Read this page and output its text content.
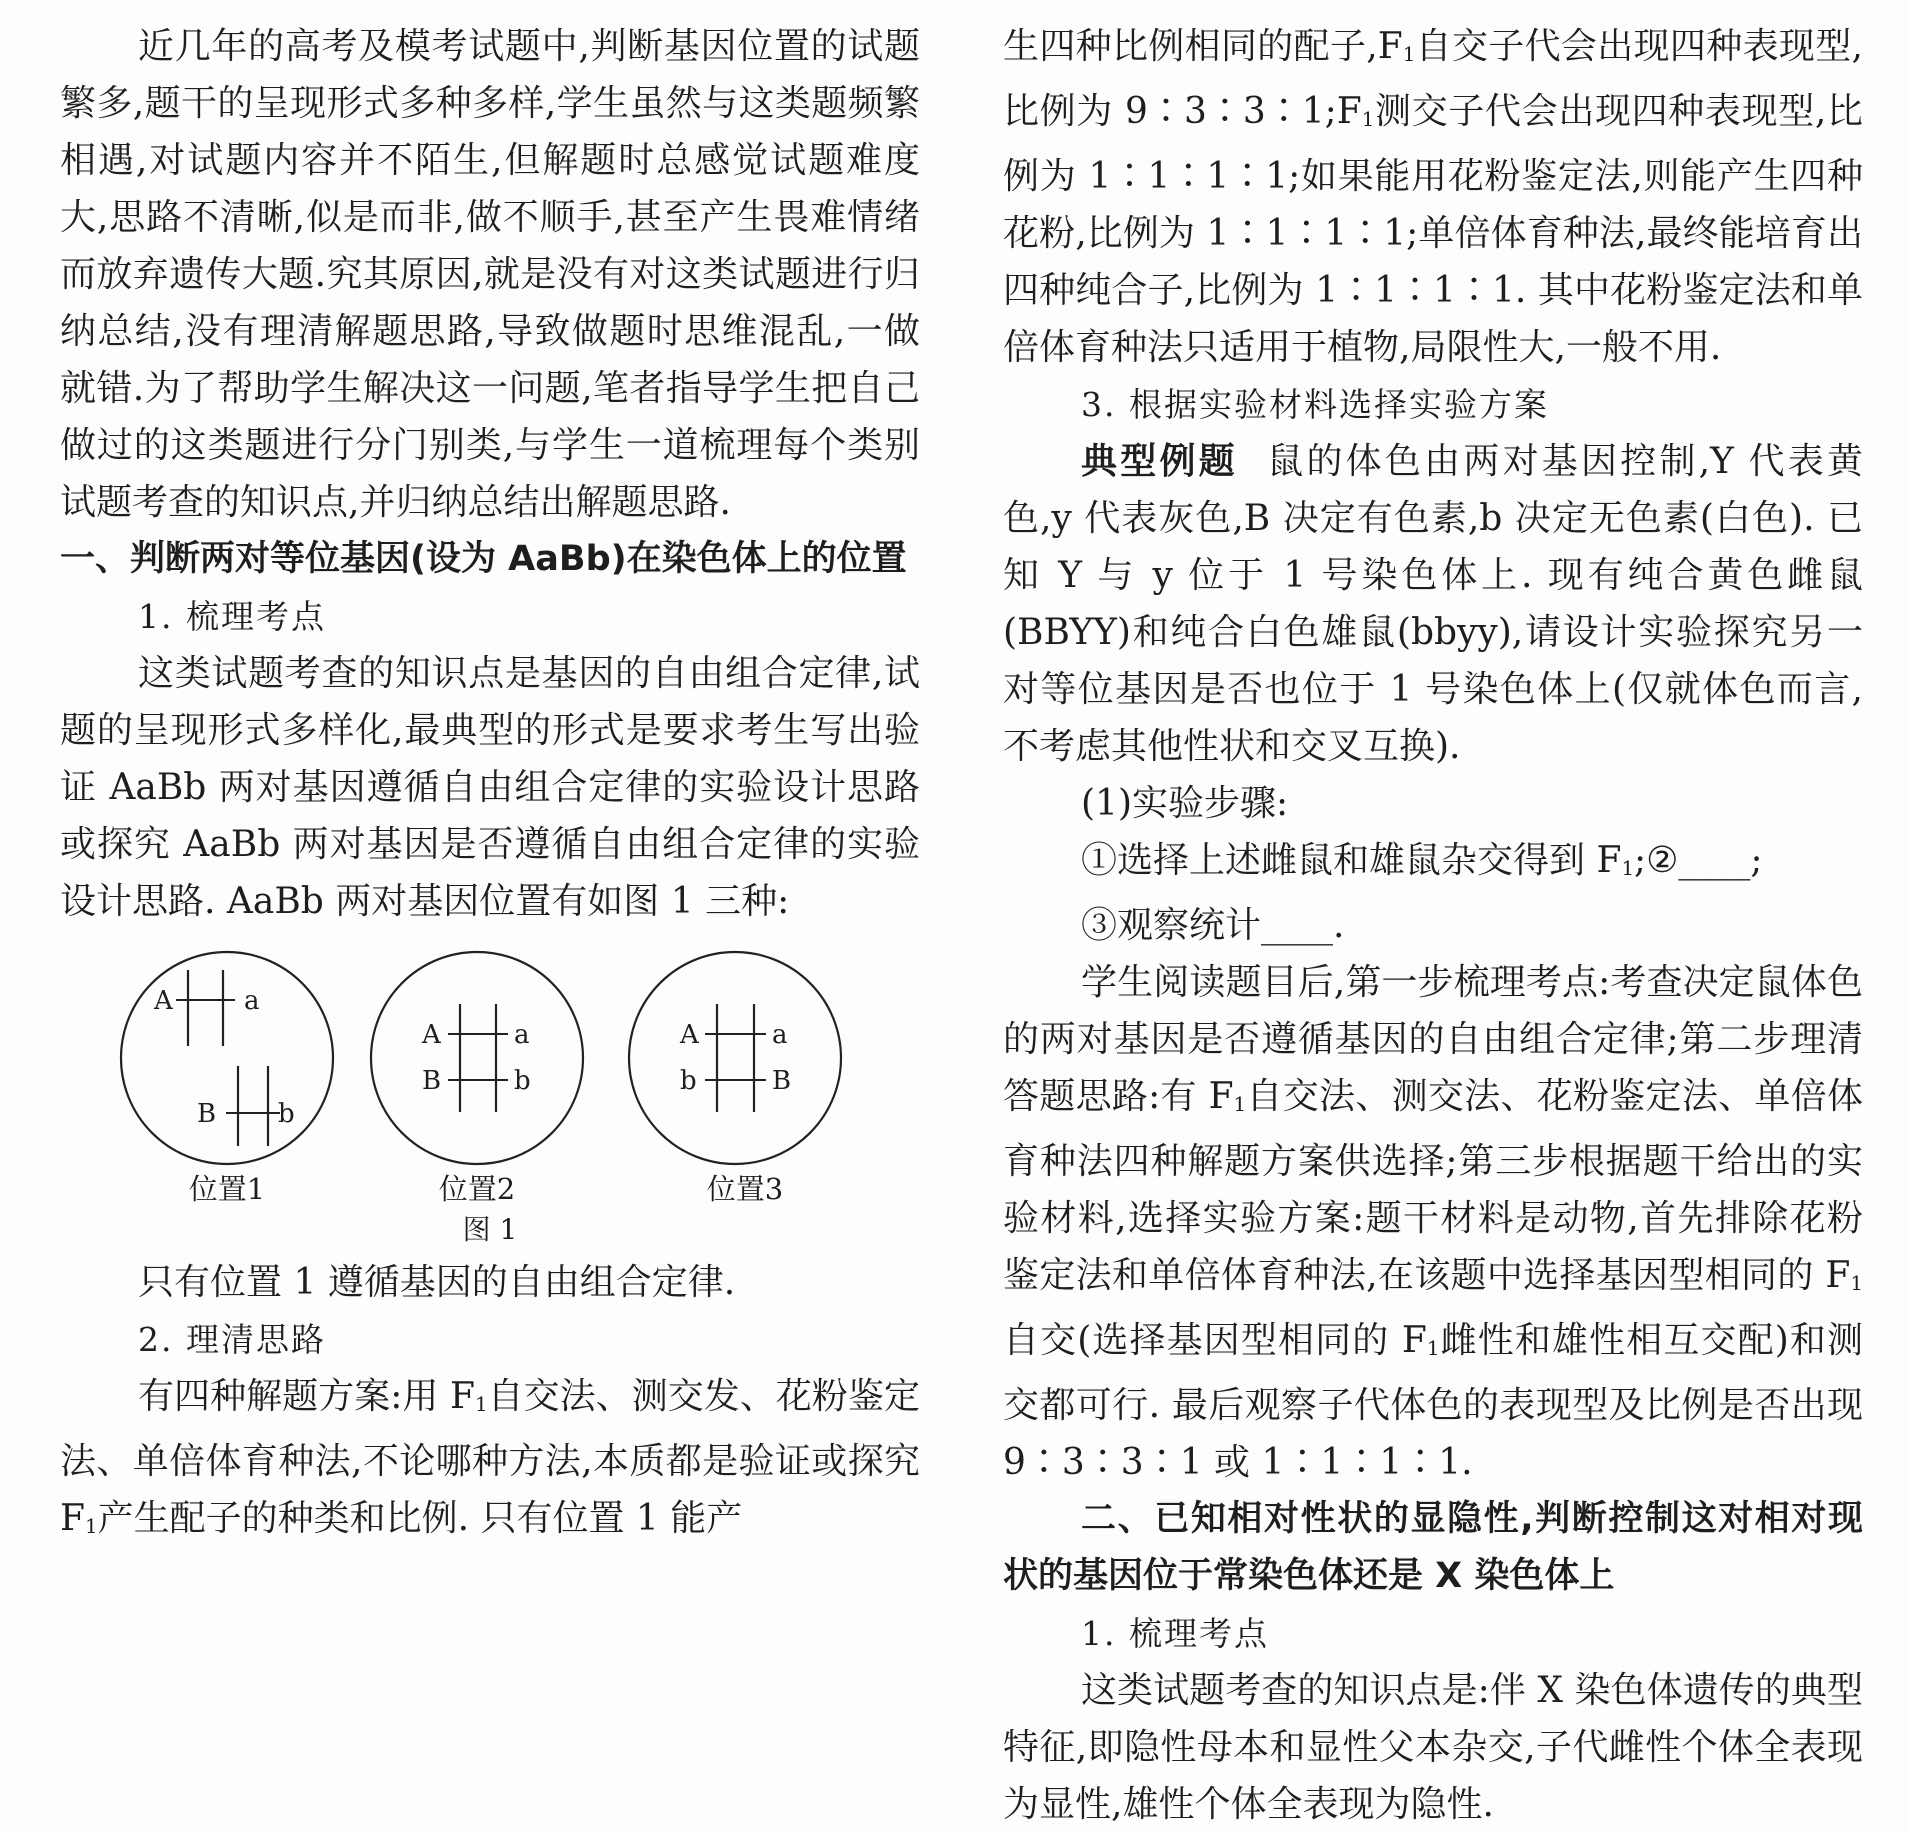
近几年的高考及模考试题中,判断基因位置的试题繁多,题干的呈现形式多种多样,学生虽然与这类题频繁相遇,对试题内容并不陌生,但解题时总感觉试题难度大,思路不清晰,似是而非,做不顺手,甚至产生畏难情绪而放弃遗传大题.究其原因,就是没有对这类试题进行归纳总结,没有理清解题思路,导致做题时思维混乱,一做就错.为了帮助学生解决这一问题,笔者指导学生把自己做过的这类题进行分门别类,与学生一道梳理每个类别试题考查的知识点,并归纳总结出解题思路.

一、判断两对等位基因(设为 AaBb)在染色体上的位置

1. 梳理考点

这类试题考查的知识点是基因的自由组合定律,试题的呈现形式多样化,最典型的形式是要求考生写出验证 AaBb 两对基因遵循自由组合定律的实验设计思路或探究 AaBb 两对基因是否遵循自由组合定律的实验设计思路. AaBb 两对基因位置有如图 1 三种:

A	a
B b
A	a
B	b
A	a
b	B
位置1	位置2	位置3
图 1

只有位置 1 遵循基因的自由组合定律.

2. 理清思路

有四种解题方案:用 $F_1$自交法、测交发、花粉鉴定法、单倍体育种法,不论哪种方法,本质都是验证或探究 $F_1$产生配子的种类和比例. 只有位置 1 能产

生四种比例相同的配子$,F_1$自交子代会出现四种表现型,比例为 $9∶3∶3∶1;F_1$测交子代会出现四种表现型,比例为 1∶1∶1∶1;如果能用花粉鉴定法,则能产生四种花粉,比例为 1∶1∶1∶1;单倍体育种法,最终能培育出四种纯合子,比例为 1∶1∶1∶1. 其中花粉鉴定法和单倍体育种法只适用于植物,局限性大,一般不用.

3. 根据实验材料选择实验方案

典型例题 鼠的体色由两对基因控制,Y 代表黄色,y 代表灰色,B 决定有色素,b 决定无色素(白色). 已知 Y 与 y 位于 1 号染色体上. 现有纯合黄色雌鼠(BBYY)和纯合白色雄鼠(bbyy),请设计实验探究另一对等位基因是否也位于 1 号染色体上(仅就体色而言,不考虑其他性状和交叉互换).

(1)实验步骤:

①选择上述雌鼠和雄鼠杂交得到 $F_1;②\_\_\_\_$;

③观察统计____.

学生阅读题目后,第一步梳理考点:考查决定鼠体色的两对基因是否遵循基因的自由组合定律;第二步理清答题思路:有 $F_1$自交法、测交法、花粉鉴定法、单倍体育种法四种解题方案供选择;第三步根据题干给出的实验材料,选择实验方案:题干材料是动物,首先排除花粉鉴定法和单倍体育种法,在该题中选择基因型相同的 $F_1$自交(选择基因型相同的 $F_1$雌性和雄性相互交配)和测交都可行. 最后观察子代体色的表现型及比例是否出现 9∶3∶3∶1 或 1∶1∶1∶1.

二、已知相对性状的显隐性,判断控制这对相对现状的基因位于常染色体还是 X 染色体上

1. 梳理考点

这类试题考查的知识点是:伴 X 染色体遗传的典型特征,即隐性母本和显性父本杂交,子代雌性个体全表现为显性,雄性个体全表现为隐性.
